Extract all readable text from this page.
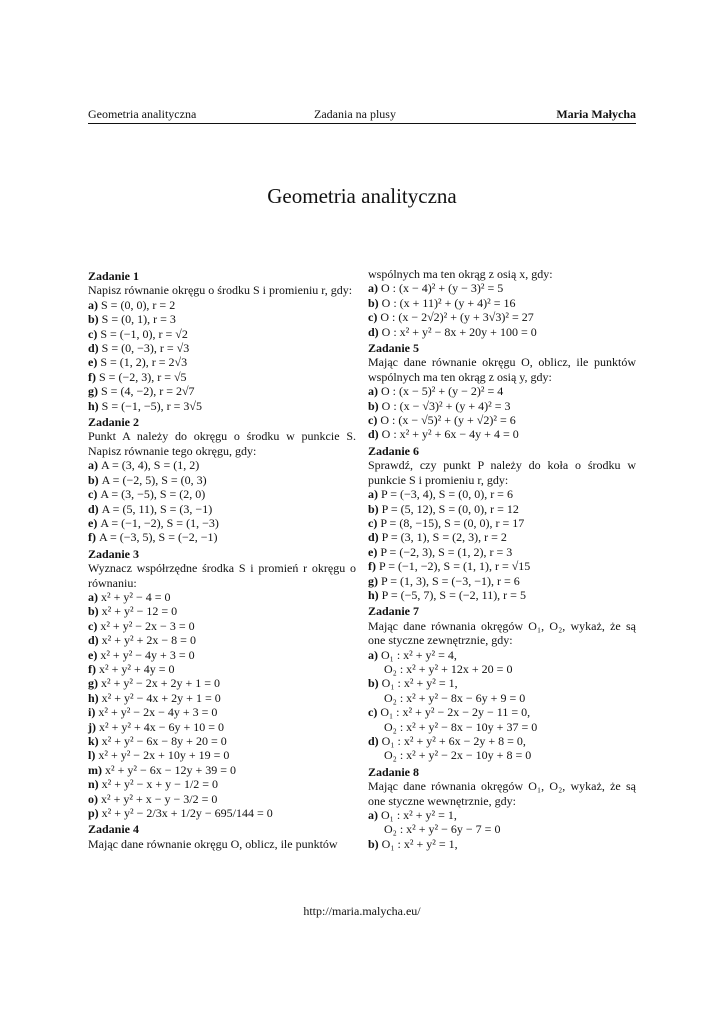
Geometria analityczna	Zadania na plusy	Maria Małycha
Geometria analityczna
Zadanie 1
Napisz równanie okręgu o środku S i promieniu r, gdy:
a) S = (0, 0), r = 2
b) S = (0, 1), r = 3
c) S = (−1, 0), r = √2
d) S = (0, −3), r = √3
e) S = (1, 2), r = 2√3
f) S = (−2, 3), r = √5
g) S = (4, −2), r = 2√7
h) S = (−1, −5), r = 3√5
Zadanie 2
Punkt A należy do okręgu o środku w punkcie S. Napisz równanie tego okręgu, gdy:
a) A = (3, 4), S = (1, 2)
b) A = (−2, 5), S = (0, 3)
c) A = (3, −5), S = (2, 0)
d) A = (5, 11), S = (3, −1)
e) A = (−1, −2), S = (1, −3)
f) A = (−3, 5), S = (−2, −1)
Zadanie 3
Wyznacz współrzędne środka S i promień r okręgu o równaniu:
a) x² + y² − 4 = 0
b) x² + y² − 12 = 0
c) x² + y² − 2x − 3 = 0
d) x² + y² + 2x − 8 = 0
e) x² + y² − 4y + 3 = 0
f) x² + y² + 4y = 0
g) x² + y² − 2x + 2y + 1 = 0
h) x² + y² − 4x + 2y + 1 = 0
i) x² + y² − 2x − 4y + 3 = 0
j) x² + y² + 4x − 6y + 10 = 0
k) x² + y² − 6x − 8y + 20 = 0
l) x² + y² − 2x + 10y + 19 = 0
m) x² + y² − 6x − 12y + 39 = 0
n) x² + y² − x + y − 1/2 = 0
o) x² + y² + x − y − 3/2 = 0
p) x² + y² − 2/3x + 1/2y − 695/144 = 0
Zadanie 4
Mając dane równanie okręgu O, oblicz, ile punktów
wspólnych ma ten okrąg z osią x, gdy:
a) O : (x − 4)² + (y − 3)² = 5
b) O : (x + 11)² + (y + 4)² = 16
c) O : (x − 2√2)² + (y + 3√3)² = 27
d) O : x² + y² − 8x + 20y + 100 = 0
Zadanie 5
Mając dane równanie okręgu O, oblicz, ile punktów wspólnych ma ten okrąg z osią y, gdy:
a) O : (x − 5)² + (y − 2)² = 4
b) O : (x − √3)² + (y + 4)² = 3
c) O : (x − √5)² + (y + √2)² = 6
d) O : x² + y² + 6x − 4y + 4 = 0
Zadanie 6
Sprawdź, czy punkt P należy do koła o środku w punkcie S i promieniu r, gdy:
a) P = (−3, 4), S = (0, 0), r = 6
b) P = (5, 12), S = (0, 0), r = 12
c) P = (8, −15), S = (0, 0), r = 17
d) P = (3, 1), S = (2, 3), r = 2
e) P = (−2, 3), S = (1, 2), r = 3
f) P = (−1, −2), S = (1, 1), r = √15
g) P = (1, 3), S = (−3, −1), r = 6
h) P = (−5, 7), S = (−2, 11), r = 5
Zadanie 7
Mając dane równania okręgów O₁, O₂, wykaż, że są one styczne zewnętrznie, gdy:
a) O₁ : x² + y² = 4,
O₂ : x² + y² + 12x + 20 = 0
b) O₁ : x² + y² = 1,
O₂ : x² + y² − 8x − 6y + 9 = 0
c) O₁ : x² + y² − 2x − 2y − 11 = 0,
O₂ : x² + y² − 8x − 10y + 37 = 0
d) O₁ : x² + y² + 6x − 2y + 8 = 0,
O₂ : x² + y² − 2x − 10y + 8 = 0
Zadanie 8
Mając dane równania okręgów O₁, O₂, wykaż, że są one styczne wewnętrznie, gdy:
a) O₁ : x² + y² = 1,
O₂ : x² + y² − 6y − 7 = 0
b) O₁ : x² + y² = 1,
http://maria.malycha.eu/
